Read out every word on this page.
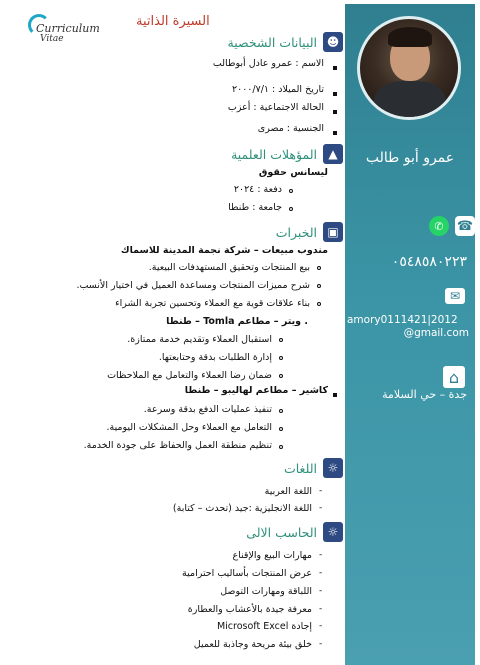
Curriculum
Vitae
السيرة الذاتية
☻
البيانات الشخصية
الاسم : عمرو عادل أبوطالب
تاريخ الميلاد : ٢٠٠٠/٧/١
الحالة الاجتماعية : أعزب
الجنسية : مصرى
▲
المؤهلات العلمية
ليسانس حقوق
دفعة : ٢٠٢٤
جامعة : طنطا
▣
الخبرات
مندوب مبيعات – شركة نجمة المدينة للاسماك
بيع المنتجات وتحقيق المستهدفات البيعية.
شرح مميزات المنتجات ومساعدة العميل في اختيار الأنسب.
بناء علاقات قوية مع العملاء وتحسين تجربة الشراء
. ويتر – مطاعم Tomla – طنطا
استقبال العملاء وتقديم خدمة ممتازة.
إدارة الطلبات بدقة وحتابعتها.
ضمان رضا العملاء والتعامل مع الملاحظات
كاشير – مطاعم لهاليبو – طنطا
تنفيذ عمليات الدفع بدقة وسرعة.
التعامل مع العملاء وحل المشكلات اليومية.
تنظيم منطقة العمل والحفاظ على جودة الخدمة.
☼
اللغات
-
اللغة العربية
-
اللغة الانجليزية :جيد (تحدث – كتابة)
☼
الحاسب الالى
-
مهارات البيع والإقناع
-
عرض المنتجات بأساليب احترامية
-
اللباقة ومهارات التوصل
-
معرفة جيدة بالأعشاب والعطارة
-
إجادة Microsoft Excel
-
خلق بيئة مريحة وجاذبة للعميل
عمرو أبو طالب
✆	☎
٠٥٤٨٥٨٠٢٢٣
✉
amory0111421|2012
@gmail.com
⌂
جدة – حي السلامة
